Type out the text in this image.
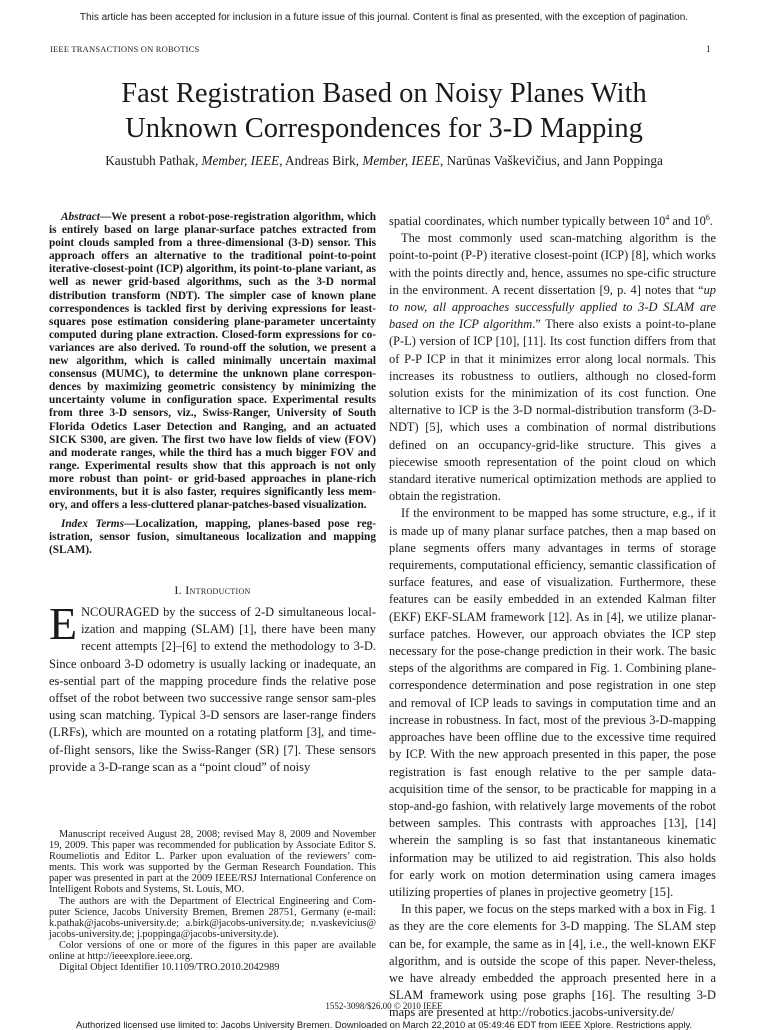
This article has been accepted for inclusion in a future issue of this journal. Content is final as presented, with the exception of pagination.
IEEE TRANSACTIONS ON ROBOTICS	1
Fast Registration Based on Noisy Planes With
Unknown Correspondences for 3-D Mapping
Kaustubh Pathak, Member, IEEE, Andreas Birk, Member, IEEE, Narūnas Vaškevičius, and Jann Poppinga
Abstract—We present a robot-pose-registration algorithm, which is entirely based on large planar-surface patches extracted from point clouds sampled from a three-dimensional (3-D) sensor. This approach offers an alternative to the traditional point-to-point iterative-closest-point (ICP) algorithm, its point-to-plane variant, as well as newer grid-based algorithms, such as the 3-D normal distribution transform (NDT). The simpler case of known plane correspondences is tackled first by deriving expressions for least-squares pose estimation considering plane-parameter uncertainty computed during plane extraction. Closed-form expressions for co-variances are also derived. To round-off the solution, we present a new algorithm, which is called minimally uncertain maximal consensus (MUMC), to determine the unknown plane correspon-dences by maximizing geometric consistency by minimizing the uncertainty volume in configuration space. Experimental results from three 3-D sensors, viz., Swiss-Ranger, University of South Florida Odetics Laser Detection and Ranging, and an actuated SICK S300, are given. The first two have low fields of view (FOV) and moderate ranges, while the third has a much bigger FOV and range. Experimental results show that this approach is not only more robust than point- or grid-based approaches in plane-rich environments, but it is also faster, requires significantly less mem-ory, and offers a less-cluttered planar-patches-based visualization.
Index Terms—Localization, mapping, planes-based pose reg-istration, sensor fusion, simultaneous localization and mapping (SLAM).
I. Introduction
ENCOURAGED by the success of 2-D simultaneous local-ization and mapping (SLAM) [1], there have been many recent attempts [2]–[6] to extend the methodology to 3-D. Since onboard 3-D odometry is usually lacking or inadequate, an es-sential part of the mapping procedure finds the relative pose offset of the robot between two successive range sensor sam-ples using scan matching. Typical 3-D sensors are laser-range finders (LRFs), which are mounted on a rotating platform [3], and time-of-flight sensors, like the Swiss-Ranger (SR) [7]. These sensors provide a 3-D-range scan as a “point cloud” of noisy

Manuscript received August 28, 2008; revised May 8, 2009 and November 19, 2009. This paper was recommended for publication by Associate Editor S. Roumeliotis and Editor L. Parker upon evaluation of the reviewers’ com-ments. This work was supported by the German Research Foundation. This paper was presented in part at the 2009 IEEE/RSJ International Conference on Intelligent Robots and Systems, St. Louis, MO.

The authors are with the Department of Electrical Engineering and Com-puter Science, Jacobs University Bremen, Bremen 28751, Germany (e-mail: k.pathak@jacobs-university.de; a.birk@jacobs-university.de; n.vaskevicius@ jacobs-university.de; j.poppinga@jacobs-university.de).

Color versions of one or more of the figures in this paper are available online at http://ieeexplore.ieee.org.

Digital Object Identifier 10.1109/TRO.2010.2042989

spatial coordinates, which number typically between $10^4$ and $10^6$.

The most commonly used scan-matching algorithm is the point-to-point (P-P) iterative closest-point (ICP) [8], which works with the points directly and, hence, assumes no spe-cific structure in the environment. A recent dissertation [9, p. 4] notes that “up to now, all approaches successfully applied to 3-D SLAM are based on the ICP algorithm.” There also exists a point-to-plane (P-L) version of ICP [10], [11]. Its cost function differs from that of P-P ICP in that it minimizes error along local normals. This increases its robustness to outliers, although no closed-form solution exists for the minimization of its cost function. One alternative to ICP is the 3-D normal-distribution transform (3-D-NDT) [5], which uses a combination of normal distributions defined on an occupancy-grid-like structure. This gives a piecewise smooth representation of the point cloud on which standard iterative numerical optimization methods are applied to obtain the registration.

If the environment to be mapped has some structure, e.g., if it is made up of many planar surface patches, then a map based on plane segments offers many advantages in terms of storage requirements, computational efficiency, semantic classification of surface features, and ease of visualization. Furthermore, these features can be easily embedded in an extended Kalman filter (EKF) EKF-SLAM framework [12]. As in [4], we utilize planar-surface patches. However, our approach obviates the ICP step necessary for the pose-change prediction in their work. The basic steps of the algorithms are compared in Fig. 1. Combining plane-correspondence determination and pose registration in one step and removal of ICP leads to savings in computation time and an increase in robustness. In fact, most of the previous 3-D-mapping approaches have been offline due to the excessive time required by ICP. With the new approach presented in this paper, the pose registration is fast enough relative to the per sample data-acquisition time of the sensor, to be practicable for mapping in a stop-and-go fashion, with relatively large movements of the robot between samples. This contrasts with approaches [13], [14] wherein the sampling is so fast that instantaneous kinematic information may be utilized to aid registration. This also holds for early work on motion determination using camera images utilizing properties of planes in projective geometry [15].

In this paper, we focus on the steps marked with a box in Fig. 1 as they are the core elements for 3-D mapping. The SLAM step can be, for example, the same as in [4], i.e., the well-known EKF algorithm, and is outside the scope of this paper. Never-theless, we have already embedded the approach presented here in a SLAM framework using pose graphs [16]. The resulting 3-D maps are presented at http://robotics.jacobs-university.de/

1552-3098/$26.00 © 2010 IEEE
Authorized licensed use limited to: Jacobs University Bremen. Downloaded on March 22,2010 at 05:49:46 EDT from IEEE Xplore. Restrictions apply.
